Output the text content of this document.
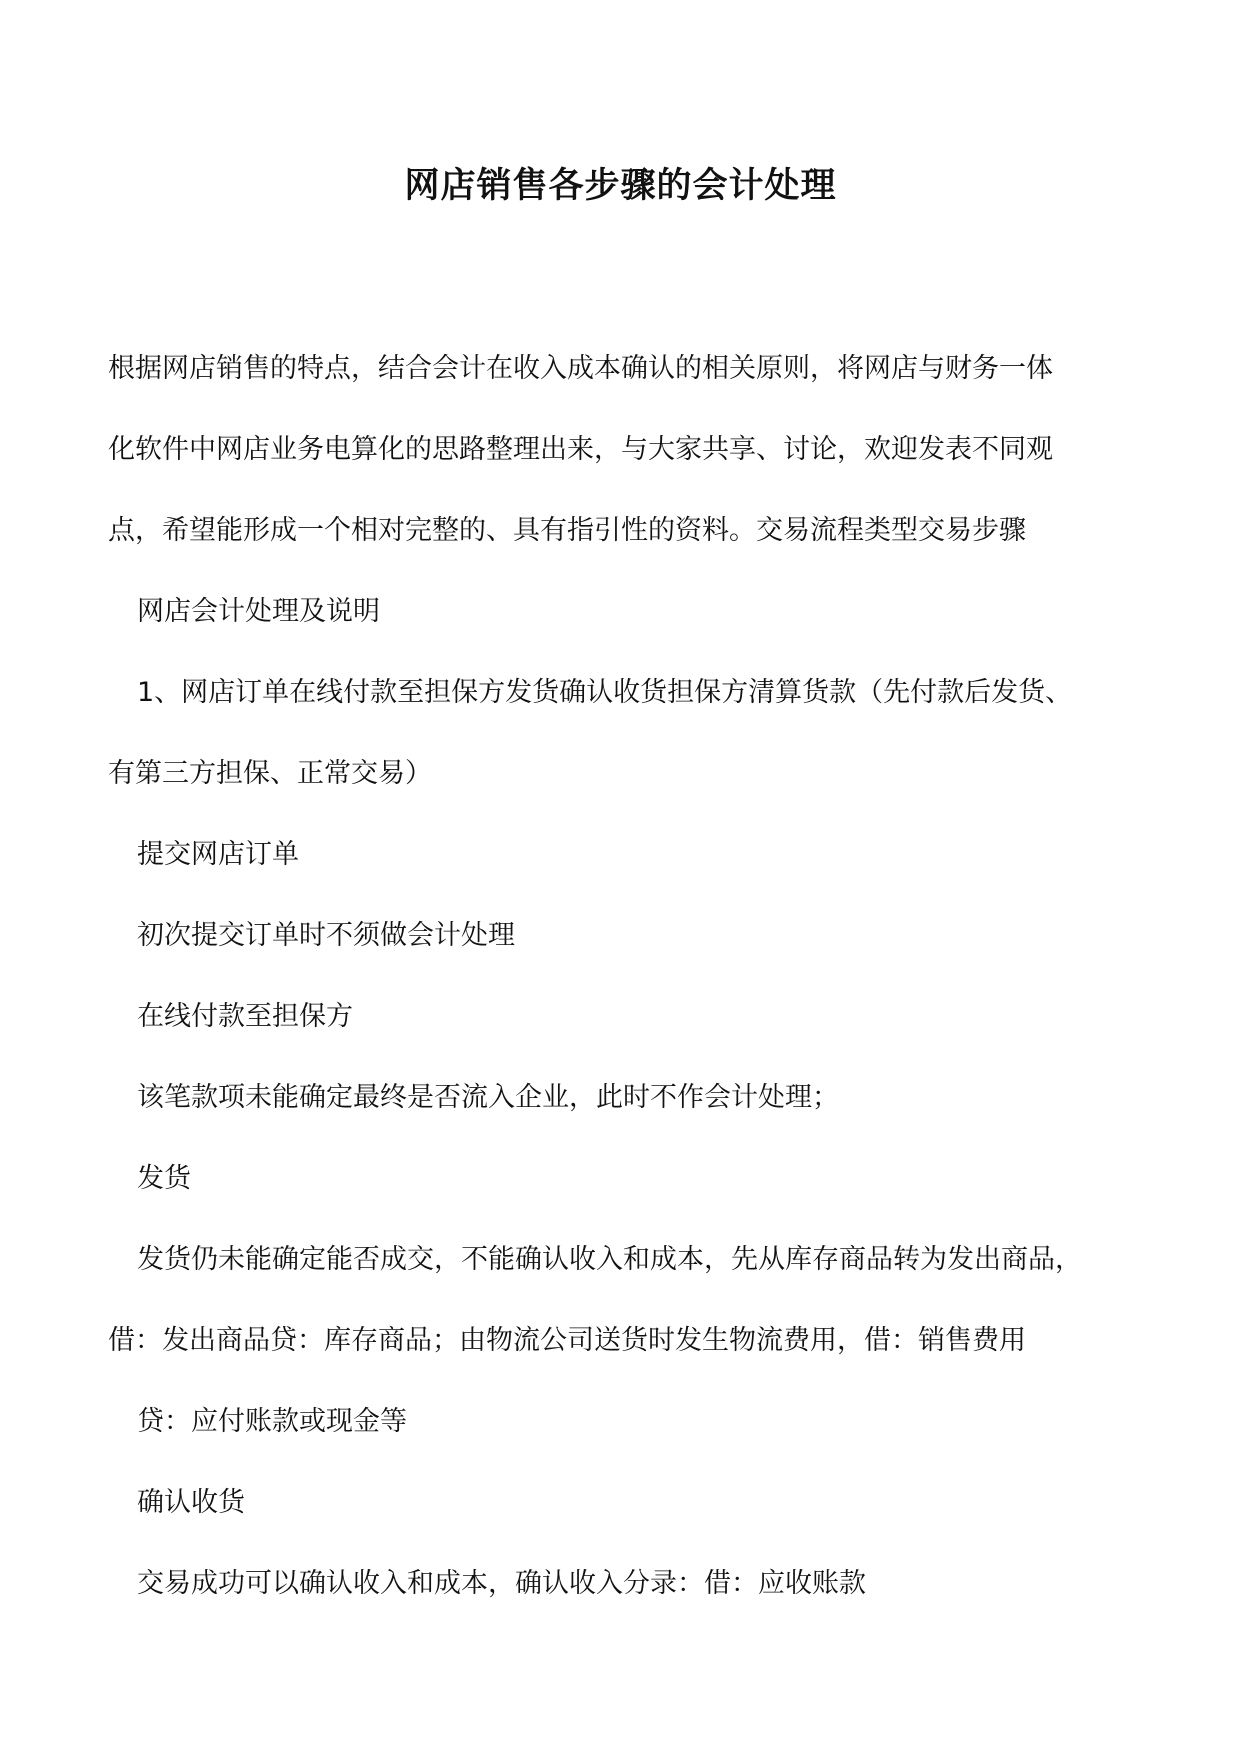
网店销售各步骤的会计处理

根据网店销售的特点，结合会计在收入成本确认的相关原则，将网店与财务一体
化软件中网店业务电算化的思路整理出来，与大家共享、讨论，欢迎发表不同观
点，希望能形成一个相对完整的、具有指引性的资料。交易流程类型交易步骤

网店会计处理及说明

1、网店订单在线付款至担保方发货确认收货担保方清算货款（先付款后发货、
有第三方担保、正常交易）

提交网店订单

初次提交订单时不须做会计处理

在线付款至担保方

该笔款项未能确定最终是否流入企业，此时不作会计处理；

发货

发货仍未能确定能否成交，不能确认收入和成本，先从库存商品转为发出商品，
借：发出商品贷：库存商品；由物流公司送货时发生物流费用，借：销售费用

贷：应付账款或现金等

确认收货

交易成功可以确认收入和成本，确认收入分录：借：应收账款
